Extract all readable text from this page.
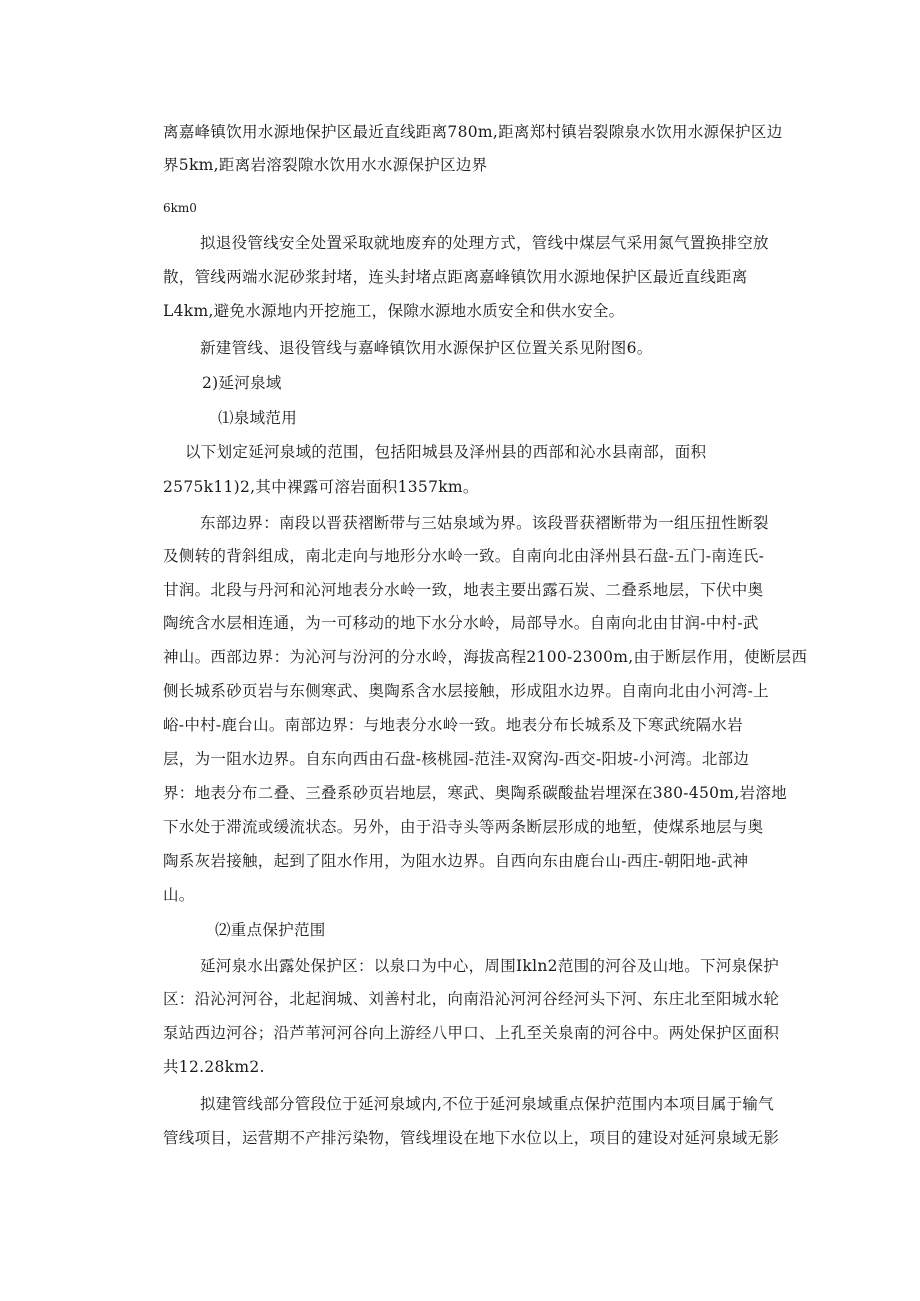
离嘉峰镇饮用水源地保护区最近直线距离780m,距离郑村镇岩裂隙泉水饮用水源保护区边
界5km,距离岩溶裂隙水饮用水水源保护区边界
6km0
拟退役管线安全处置采取就地废弃的处理方式，管线中煤层气采用氮气置换排空放
散，管线两端水泥砂浆封堵，连头封堵点距离嘉峰镇饮用水源地保护区最近直线距离
L4km,避免水源地内开挖施工，保隙水源地水质安全和供水安全。
新建管线、退役管线与嘉峰镇饮用水源保护区位置关系见附图6。
2)延河泉域
⑴泉域范用
以下划定延河泉域的范围，包括阳城县及泽州县的西部和沁水县南部，面积
2575k11)2,其中裸露可溶岩面积1357km。
东部边界：南段以晋获褶断带与三姑泉域为界。该段晋获褶断带为一组压扭性断裂
及侧转的背斜组成，南北走向与地形分水岭一致。自南向北由泽州县石盘-五门-南连氏-
甘润。北段与丹河和沁河地表分水岭一致，地表主要出露石炭、二叠系地层，下伏中奥
陶统含水层相连通，为一可移动的地下水分水岭，局部导水。自南向北由甘润-中村-武
神山。西部边界：为沁河与汾河的分水岭，海拔高程2100-2300m,由于断层作用，使断层西
侧长城系砂页岩与东侧寒武、奥陶系含水层接触，形成阻水边界。自南向北由小河湾-上
峪-中村-鹿台山。南部边界：与地表分水岭一致。地表分布长城系及下寒武统隔水岩
层，为一阻水边界。自东向西由石盘-核桃园-范洼-双窝沟-西交-阳坡-小河湾。北部边
界：地表分布二叠、三叠系砂页岩地层，寒武、奥陶系碳酸盐岩埋深在380-450m,岩溶地
下水处于滞流或缓流状态。另外，由于沿寺头等两条断层形成的地堑，使煤系地层与奥
陶系灰岩接触，起到了阻水作用，为阻水边界。自西向东由鹿台山-西庄-朝阳地-武神
山。
⑵重点保护范围
延河泉水出露处保护区：以泉口为中心，周围Ikln2范围的河谷及山地。下河泉保护
区：沿沁河河谷，北起润城、刘善村北，向南沿沁河河谷经河头下河、东庄北至阳城水轮
泵站西边河谷；沿芦苇河河谷向上游经八甲口、上孔至关泉南的河谷中。两处保护区面积
共12.28km2.
拟建管线部分管段位于延河泉域内,不位于延河泉域重点保护范围内本项目属于输气
管线项目，运营期不产排污染物，管线埋设在地下水位以上，项目的建设对延河泉域无影
